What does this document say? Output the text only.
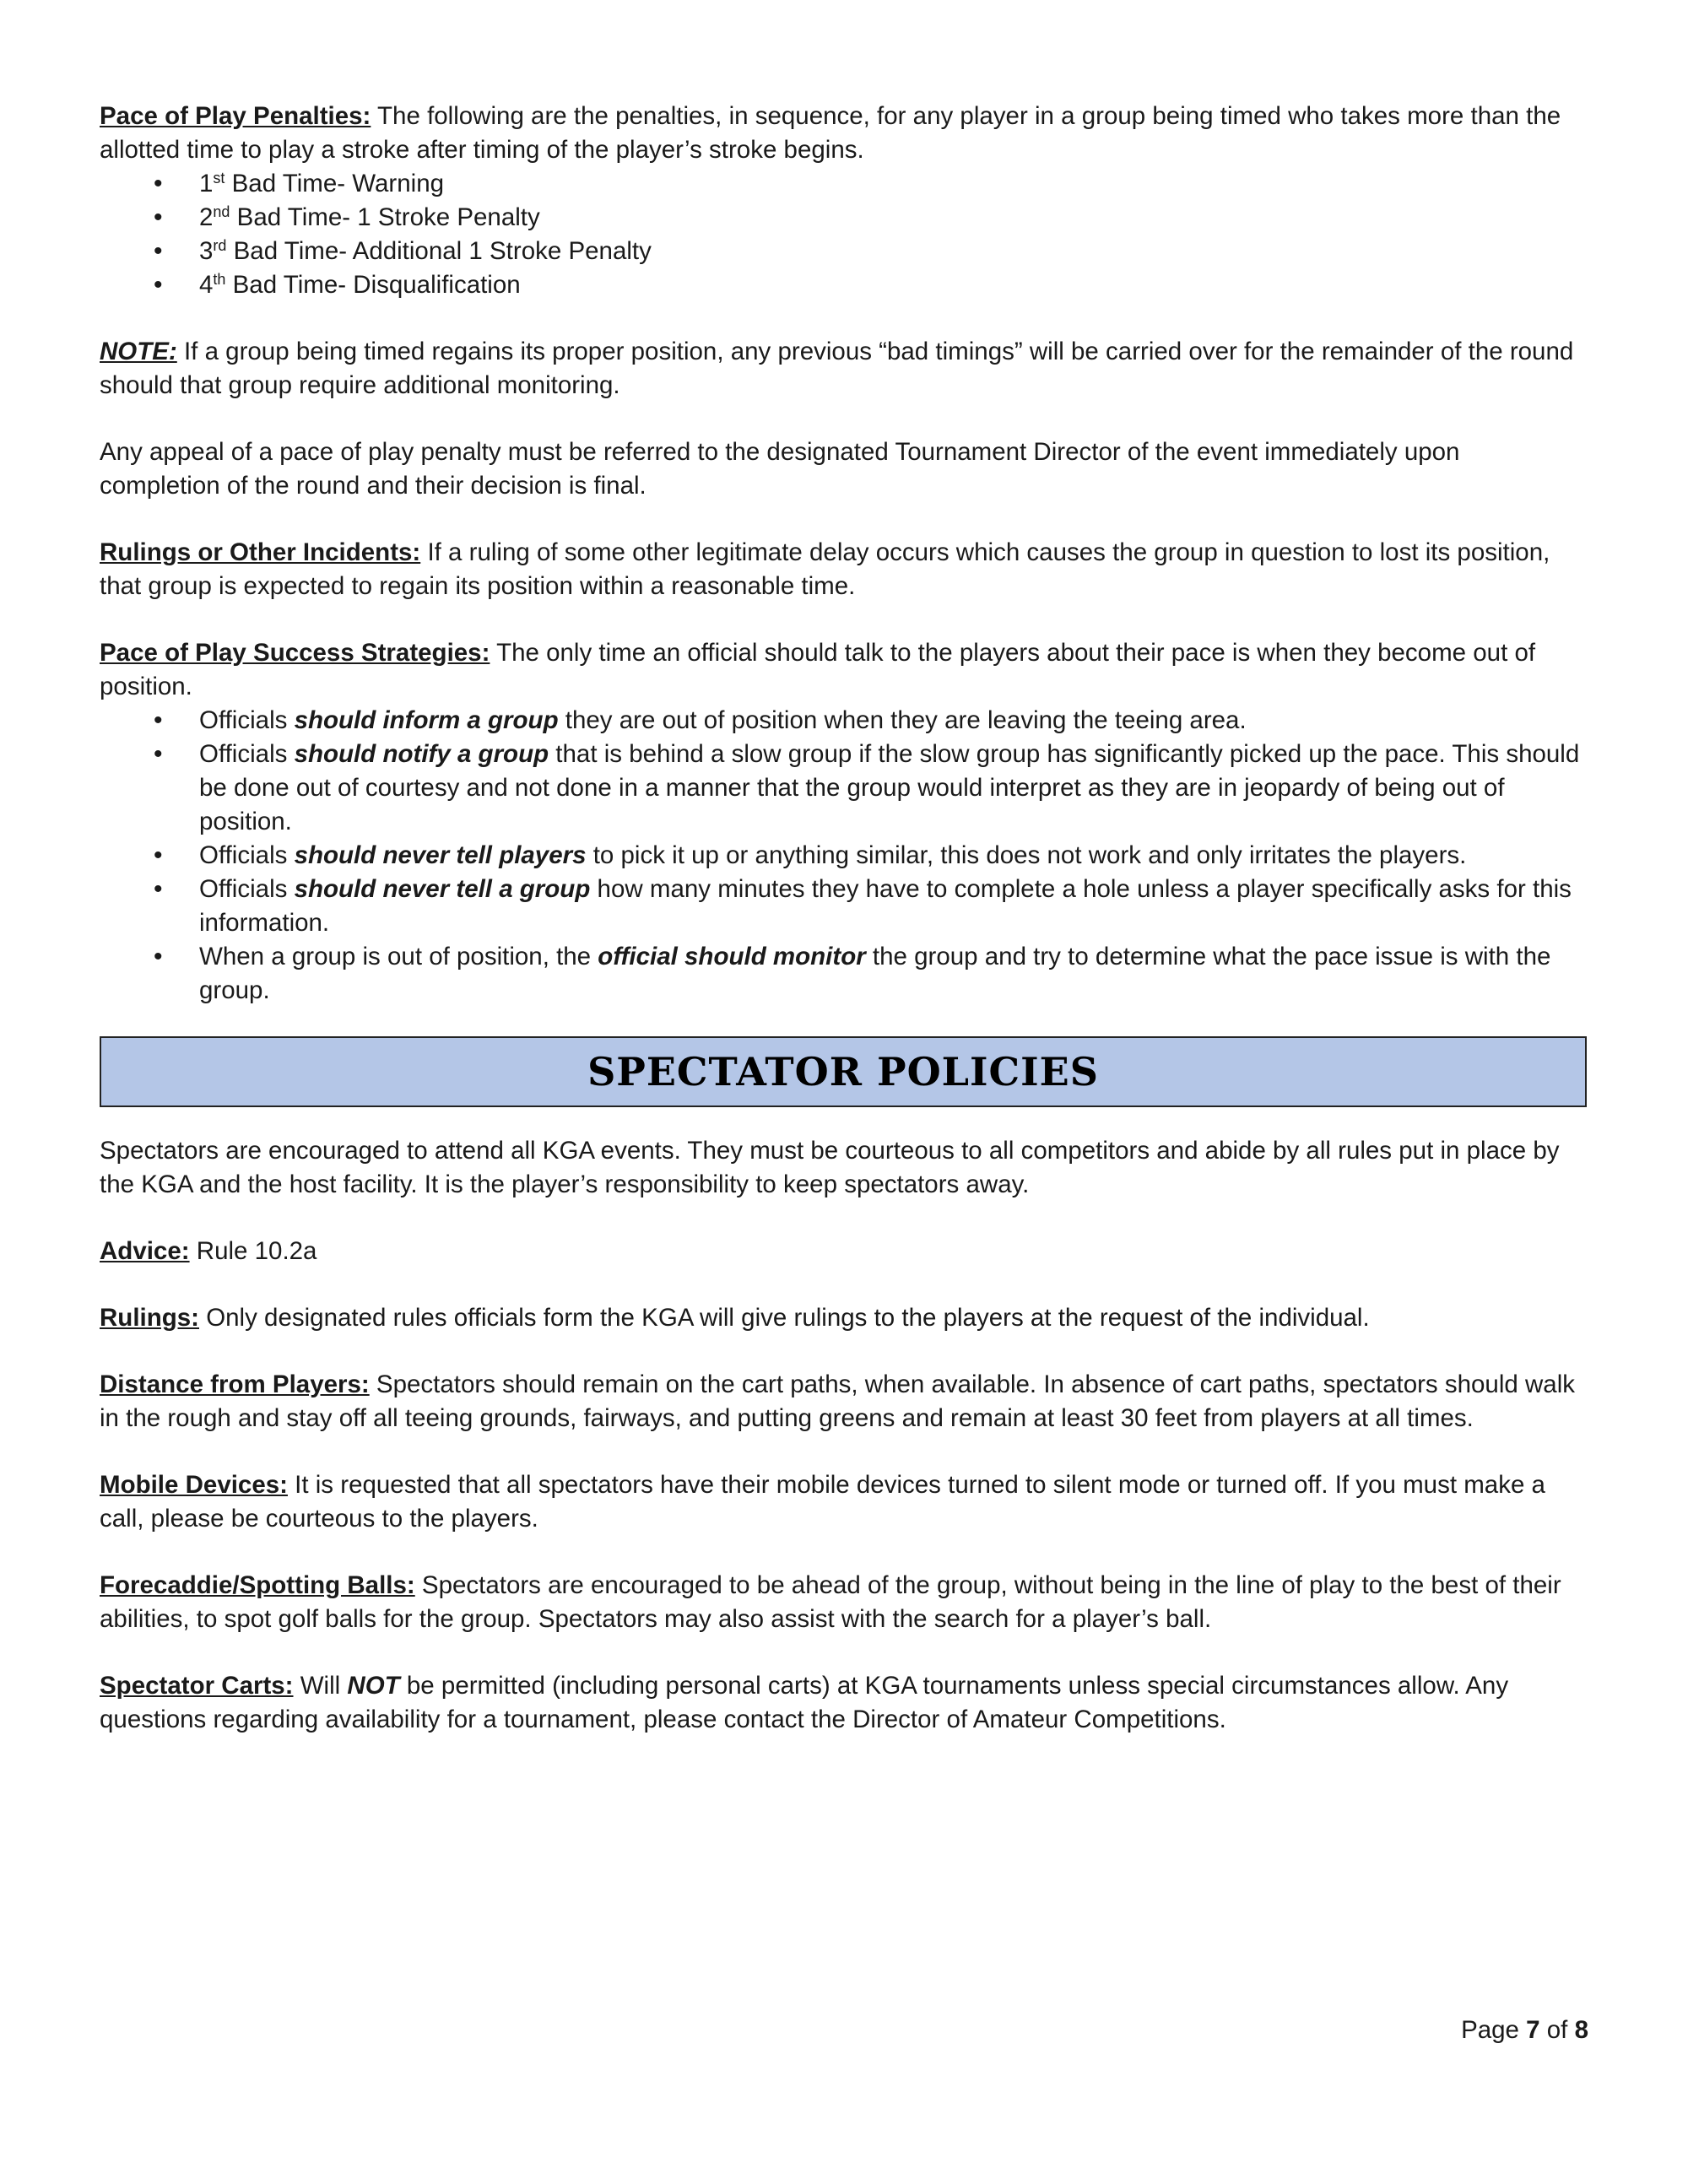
Pace of Play Penalties: The following are the penalties, in sequence, for any player in a group being timed who takes more than the allotted time to play a stroke after timing of the player’s stroke begins.

• 1st Bad Time- Warning
• 2nd Bad Time- 1 Stroke Penalty
• 3rd Bad Time- Additional 1 Stroke Penalty
• 4th Bad Time- Disqualification

NOTE: If a group being timed regains its proper position, any previous “bad timings” will be carried over for the remainder of the round should that group require additional monitoring.

Any appeal of a pace of play penalty must be referred to the designated Tournament Director of the event immediately upon completion of the round and their decision is final.

Rulings or Other Incidents: If a ruling of some other legitimate delay occurs which causes the group in question to lost its position, that group is expected to regain its position within a reasonable time.

Pace of Play Success Strategies: The only time an official should talk to the players about their pace is when they become out of position.

• Officials should inform a group they are out of position when they are leaving the teeing area.
• Officials should notify a group that is behind a slow group if the slow group has significantly picked up the pace. This should be done out of courtesy and not done in a manner that the group would interpret as they are in jeopardy of being out of position.
• Officials should never tell players to pick it up or anything similar, this does not work and only irritates the players.
• Officials should never tell a group how many minutes they have to complete a hole unless a player specifically asks for this information.
• When a group is out of position, the official should monitor the group and try to determine what the pace issue is with the group.
SPECTATOR POLICIES

Spectators are encouraged to attend all KGA events. They must be courteous to all competitors and abide by all rules put in place by the KGA and the host facility. It is the player’s responsibility to keep spectators away.

Advice: Rule 10.2a

Rulings: Only designated rules officials form the KGA will give rulings to the players at the request of the individual.

Distance from Players: Spectators should remain on the cart paths, when available. In absence of cart paths, spectators should walk in the rough and stay off all teeing grounds, fairways, and putting greens and remain at least 30 feet from players at all times.

Mobile Devices: It is requested that all spectators have their mobile devices turned to silent mode or turned off. If you must make a call, please be courteous to the players.

Forecaddie/Spotting Balls: Spectators are encouraged to be ahead of the group, without being in the line of play to the best of their abilities, to spot golf balls for the group. Spectators may also assist with the search for a player’s ball.

Spectator Carts: Will NOT be permitted (including personal carts) at KGA tournaments unless special circumstances allow. Any questions regarding availability for a tournament, please contact the Director of Amateur Competitions.

Page 7 of 8
